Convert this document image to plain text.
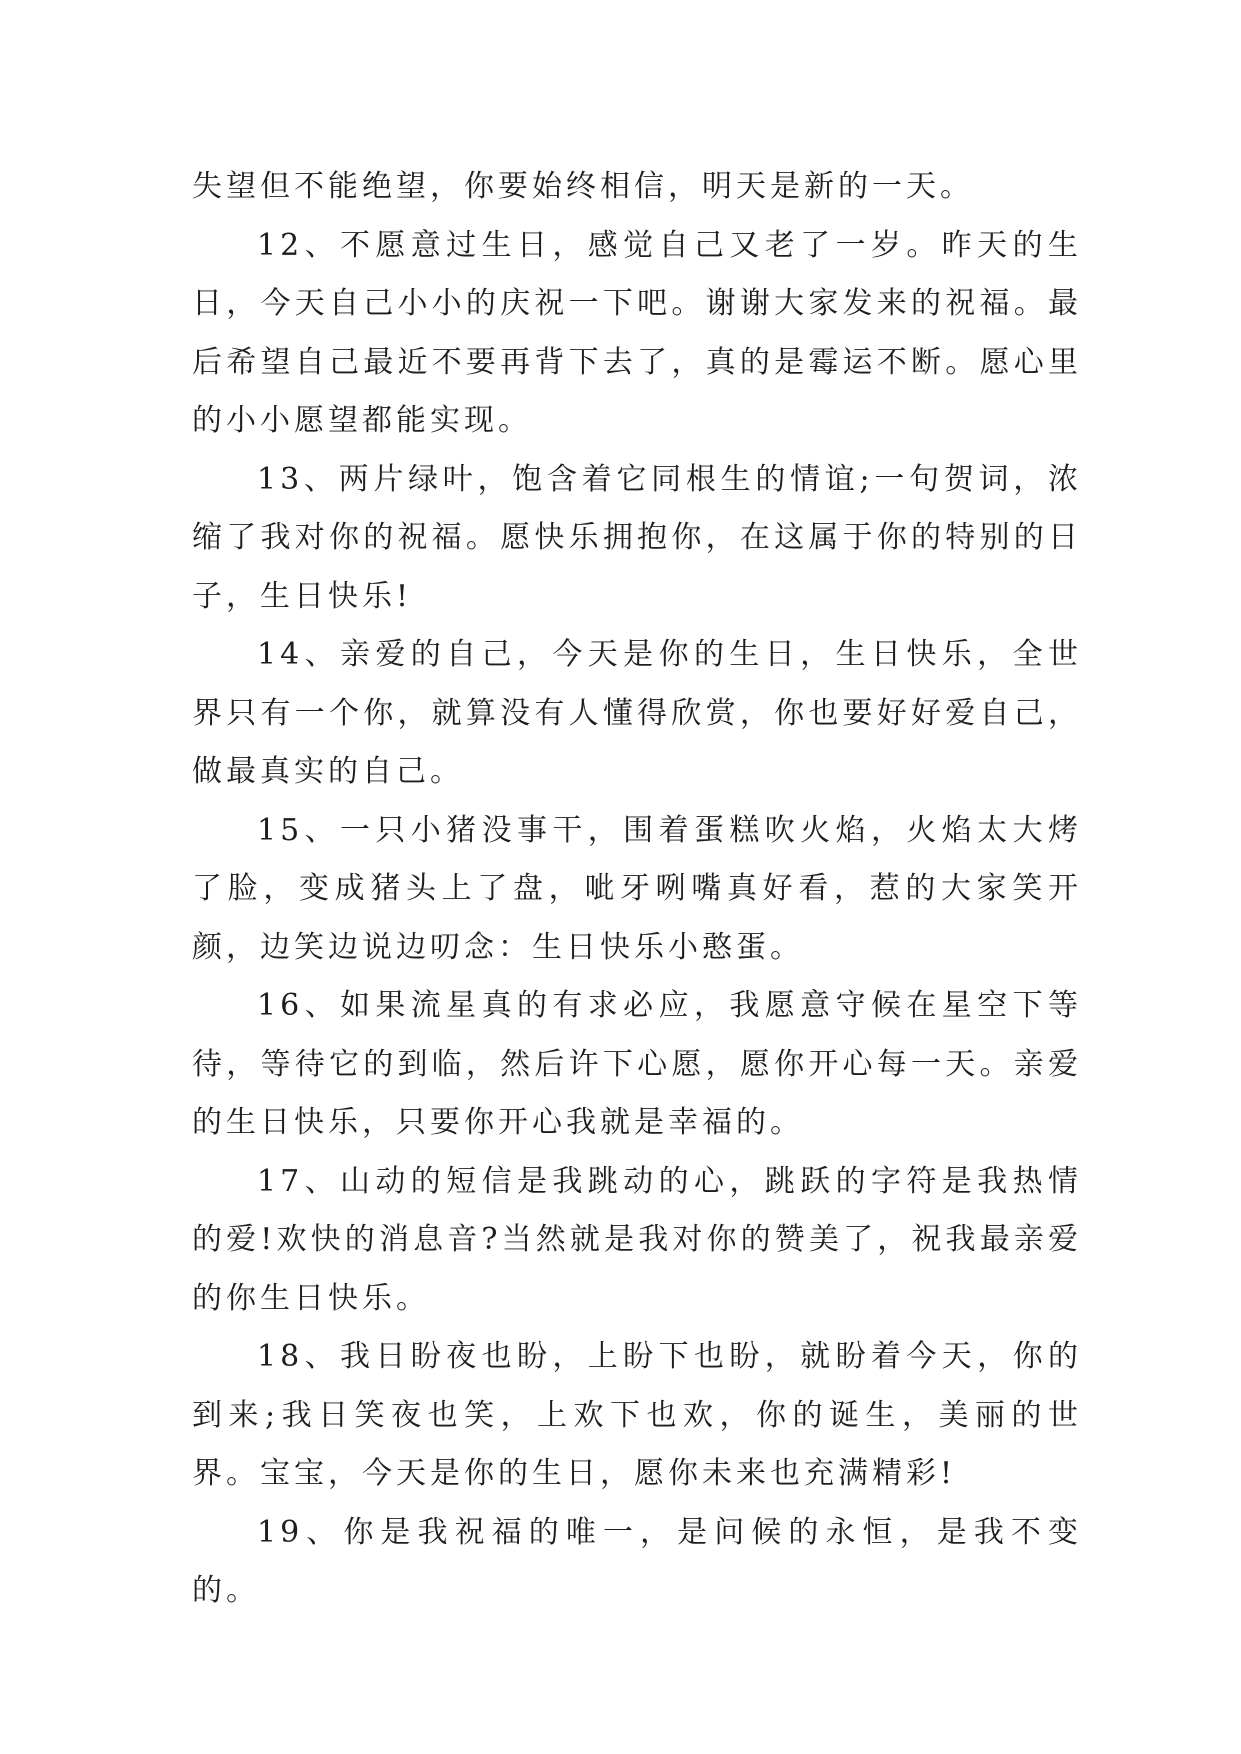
失望但不能绝望，你要始终相信，明天是新的一天。

12、不愿意过生日，感觉自己又老了一岁。昨天的生日，今天自己小小的庆祝一下吧。谢谢大家发来的祝福。最后希望自己最近不要再背下去了，真的是霉运不断。愿心里的小小愿望都能实现。

13、两片绿叶，饱含着它同根生的情谊;一句贺词，浓缩了我对你的祝福。愿快乐拥抱你，在这属于你的特别的日子，生日快乐!

14、亲爱的自己，今天是你的生日，生日快乐，全世界只有一个你，就算没有人懂得欣赏，你也要好好爱自己，做最真实的自己。

15、一只小猪没事干，围着蛋糕吹火焰，火焰太大烤了脸，变成猪头上了盘，呲牙咧嘴真好看，惹的大家笑开颜，边笑边说边叨念：生日快乐小憨蛋。

16、如果流星真的有求必应，我愿意守候在星空下等待，等待它的到临，然后许下心愿，愿你开心每一天。亲爱的生日快乐，只要你开心我就是幸福的。

17、山动的短信是我跳动的心，跳跃的字符是我热情的爱!欢快的消息音?当然就是我对你的赞美了，祝我最亲爱的你生日快乐。

18、我日盼夜也盼，上盼下也盼，就盼着今天，你的到来;我日笑夜也笑，上欢下也欢，你的诞生，美丽的世界。宝宝，今天是你的生日，愿你未来也充满精彩!

19、你是我祝福的唯一，是问候的永恒，是我不变的。
